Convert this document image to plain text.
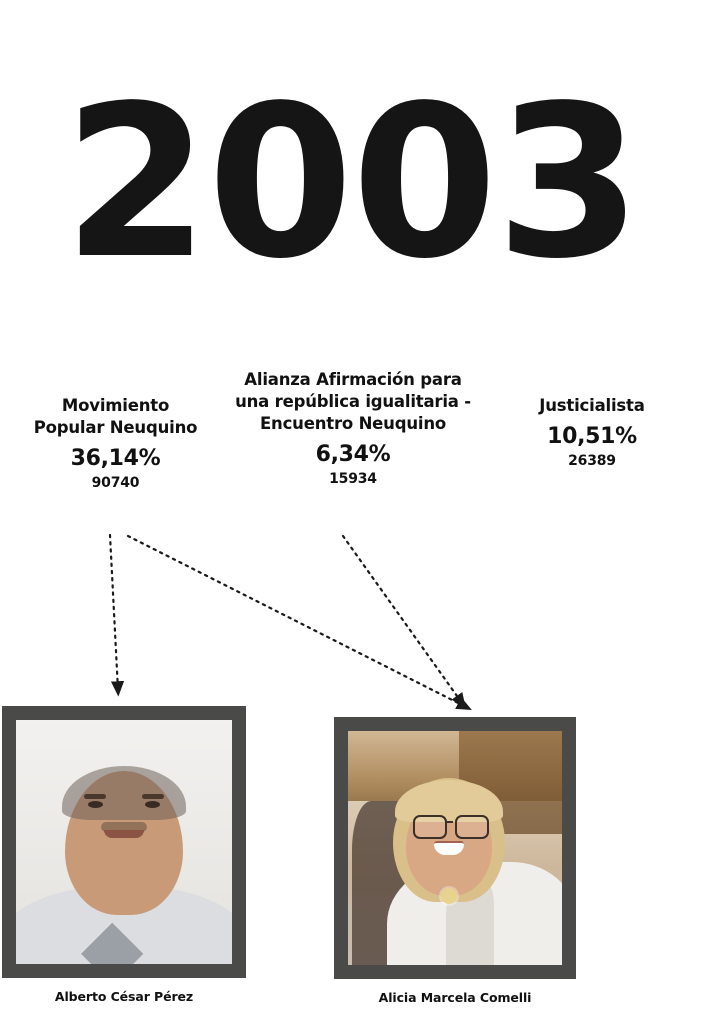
2003
Movimiento
Popular Neuquino
36,14%
90740
Alianza Afirmación para
una república igualitaria -
Encuentro Neuquino
6,34%
15934
Justicialista
10,51%
26389
Alberto César Pérez	Alicia Marcela Comelli
